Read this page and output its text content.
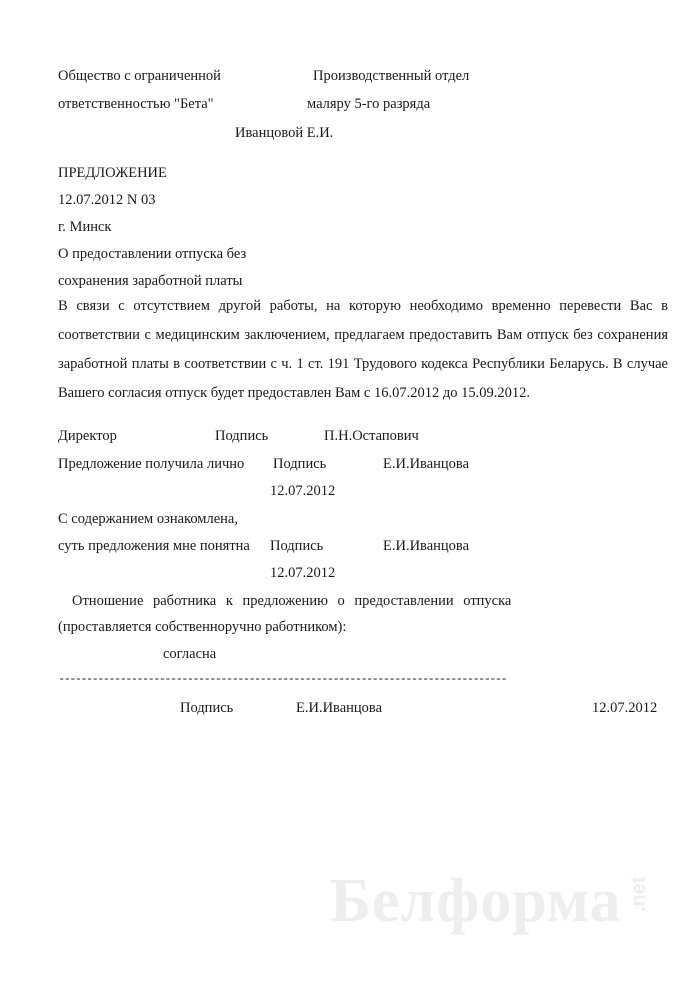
Общество с ограниченной
ответственностью "Бета"
Производственный отдел
маляру 5-го разряда
Иванцовой Е.И.
ПРЕДЛОЖЕНИЕ
12.07.2012 N 03
г. Минск
О предоставлении отпуска без
сохранения заработной платы

В связи с отсутствием другой работы, на которую необходимо временно перевести Вас в соответствии с медицинским заключением, предлагаем предоставить Вам отпуск без сохранения заработной платы в соответствии с ч. 1 ст. 191 Трудового кодекса Республики Беларусь. В случае Вашего согласия отпуск будет предоставлен Вам с 16.07.2012 до 15.09.2012.

Директор	Подпись	П.Н.Остапович
Предложение получила лично Подпись	Е.И.Иванцова
12.07.2012
С содержанием ознакомлена,
суть предложения мне понятна Подпись	Е.И.Иванцова
12.07.2012
Отношение работника к предложению о предоставлении отпуска
(проставляется собственноручно работником):
согласна
--------------------------------------------------------------------------------
Подпись	Е.И.Иванцова	12.07.2012
Белформа .net
